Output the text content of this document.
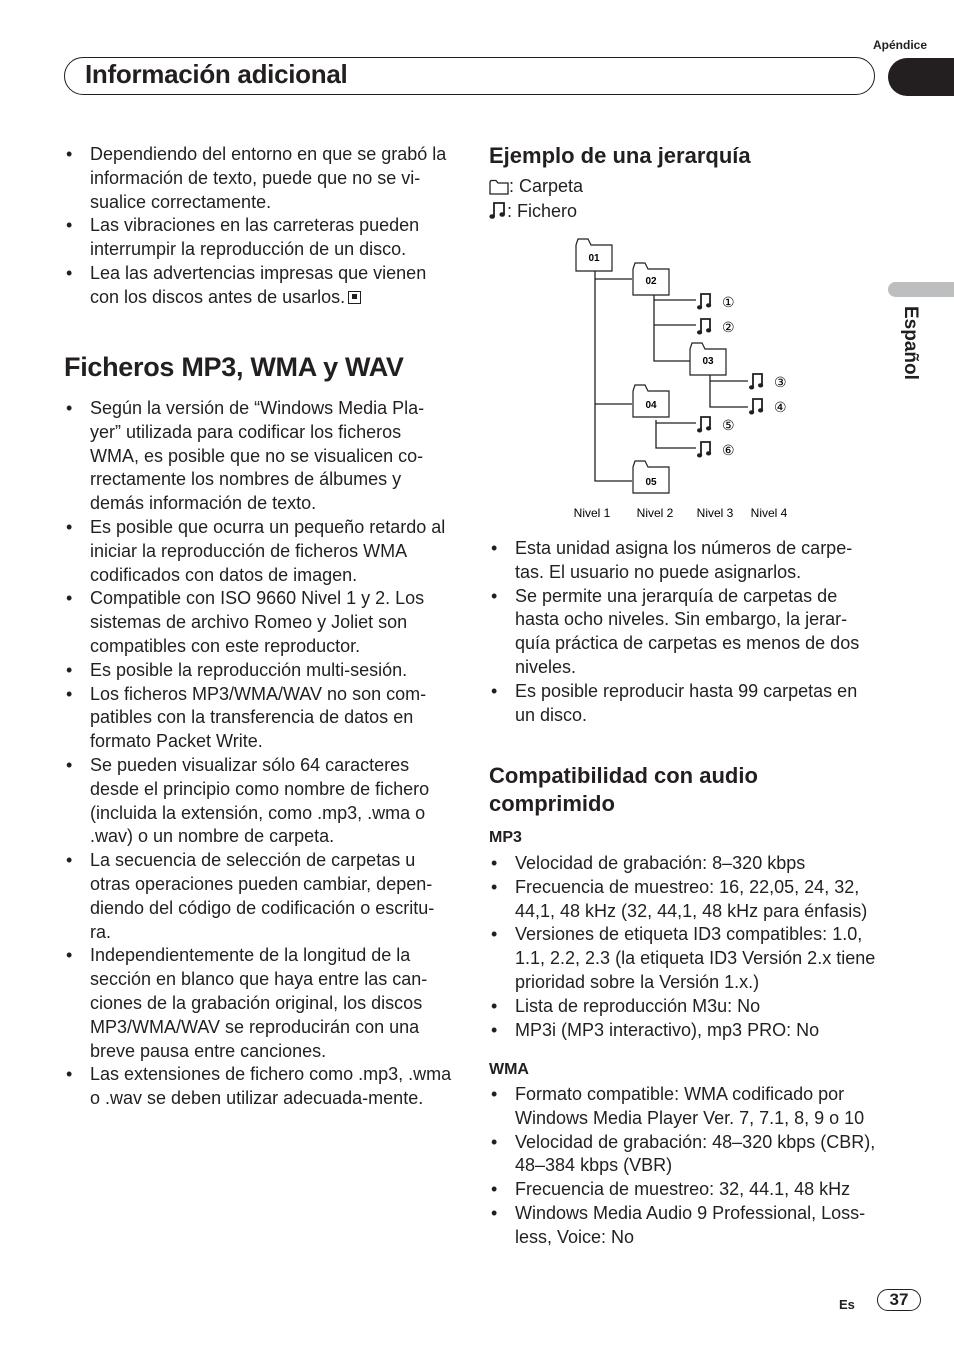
Apéndice
Información adicional
Español
• Dependiendo del entorno en que se grabó la información de texto, puede que no se vi-sualice correctamente.
• Las vibraciones en las carreteras pueden interrumpir la reproducción de un disco.
• Lea las advertencias impresas que vienen con los discos antes de usarlos.
Ficheros MP3, WMA y WAV
• Según la versión de “Windows Media Pla-yer” utilizada para codificar los ficheros WMA, es posible que no se visualicen co-rrectamente los nombres de álbumes y demás información de texto.
• Es posible que ocurra un pequeño retardo al iniciar la reproducción de ficheros WMA codificados con datos de imagen.
• Compatible con ISO 9660 Nivel 1 y 2. Los sistemas de archivo Romeo y Joliet son compatibles con este reproductor.
• Es posible la reproducción multi-sesión.
• Los ficheros MP3/WMA/WAV no son com-patibles con la transferencia de datos en formato Packet Write.
• Se pueden visualizar sólo 64 caracteres desde el principio como nombre de fichero (incluida la extensión, como .mp3, .wma o .wav) o un nombre de carpeta.
• La secuencia de selección de carpetas u otras operaciones pueden cambiar, depen-diendo del código de codificación o escritu-ra.
• Independientemente de la longitud de la sección en blanco que haya entre las can-ciones de la grabación original, los discos MP3/WMA/WAV se reproducirán con una breve pausa entre canciones.
• Las extensiones de fichero como .mp3, .wma o .wav se deben utilizar adecuada-mente.
Ejemplo de una jerarquía
: Carpeta
: Fichero
01
02
03
04
05
①
②
③
④
⑤
⑥
Nivel 1 Nivel 2 Nivel 3 Nivel 4
• Esta unidad asigna los números de carpe-tas. El usuario no puede asignarlos.
• Se permite una jerarquía de carpetas de hasta ocho niveles. Sin embargo, la jerar-quía práctica de carpetas es menos de dos niveles.
• Es posible reproducir hasta 99 carpetas en un disco.
Compatibilidad con audio comprimido
MP3
• Velocidad de grabación: 8–320 kbps
• Frecuencia de muestreo: 16, 22,05, 24, 32, 44,1, 48 kHz (32, 44,1, 48 kHz para énfasis)
• Versiones de etiqueta ID3 compatibles: 1.0, 1.1, 2.2, 2.3 (la etiqueta ID3 Versión 2.x tiene prioridad sobre la Versión 1.x.)
• Lista de reproducción M3u: No
• MP3i (MP3 interactivo), mp3 PRO: No
WMA
• Formato compatible: WMA codificado por Windows Media Player Ver. 7, 7.1, 8, 9 o 10
• Velocidad de grabación: 48–320 kbps (CBR), 48–384 kbps (VBR)
• Frecuencia de muestreo: 32, 44.1, 48 kHz
• Windows Media Audio 9 Professional, Loss-less, Voice: No
Es	37
